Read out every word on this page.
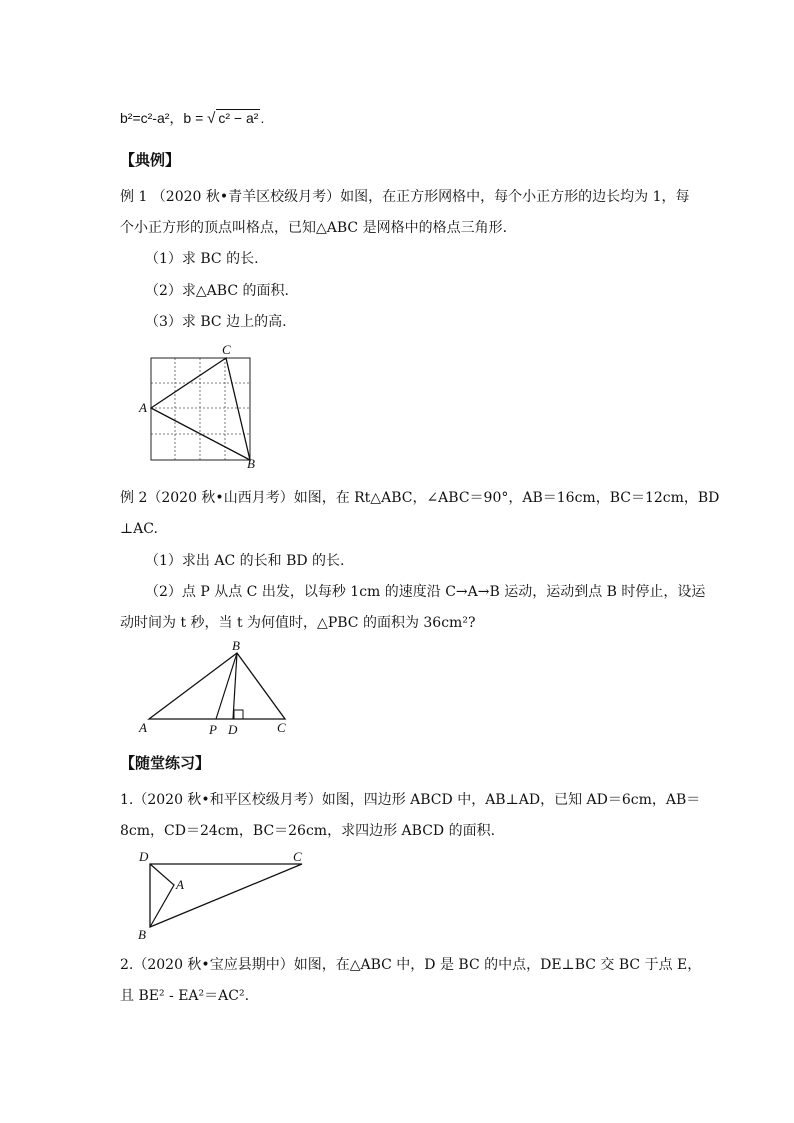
b²=c²-a²，b = √ c² − a² .
【典例】
例 1 （2020 秋•青羊区校级月考）如图，在正方形网格中，每个小正方形的边长均为 1，每
个小正方形的顶点叫格点，已知△ABC 是网格中的格点三角形.
（1）求 BC 的长.
（2）求△ABC 的面积.
（3）求 BC 边上的高.
A
C
B
例 2（2020 秋•山西月考）如图，在 Rt△ABC，∠ABC＝90°，AB＝16cm，BC＝12cm，BD
⊥AC.
（1）求出 AC 的长和 BD 的长.
（2）点 P 从点 C 出发，以每秒 1cm 的速度沿 C→A→B 运动，运动到点 B 时停止，设运
动时间为 t 秒，当 t 为何值时，△PBC 的面积为 36cm²?
B
A	P D	C
【随堂练习】
1.（2020 秋•和平区校级月考）如图，四边形 ABCD 中，AB⊥AD，已知 AD＝6cm，AB＝
8cm，CD＝24cm，BC＝26cm，求四边形 ABCD 的面积.
D	C
A
B
2.（2020 秋•宝应县期中）如图，在△ABC 中，D 是 BC 的中点，DE⊥BC 交 BC 于点 E，
且 BE² - EA²＝AC².
